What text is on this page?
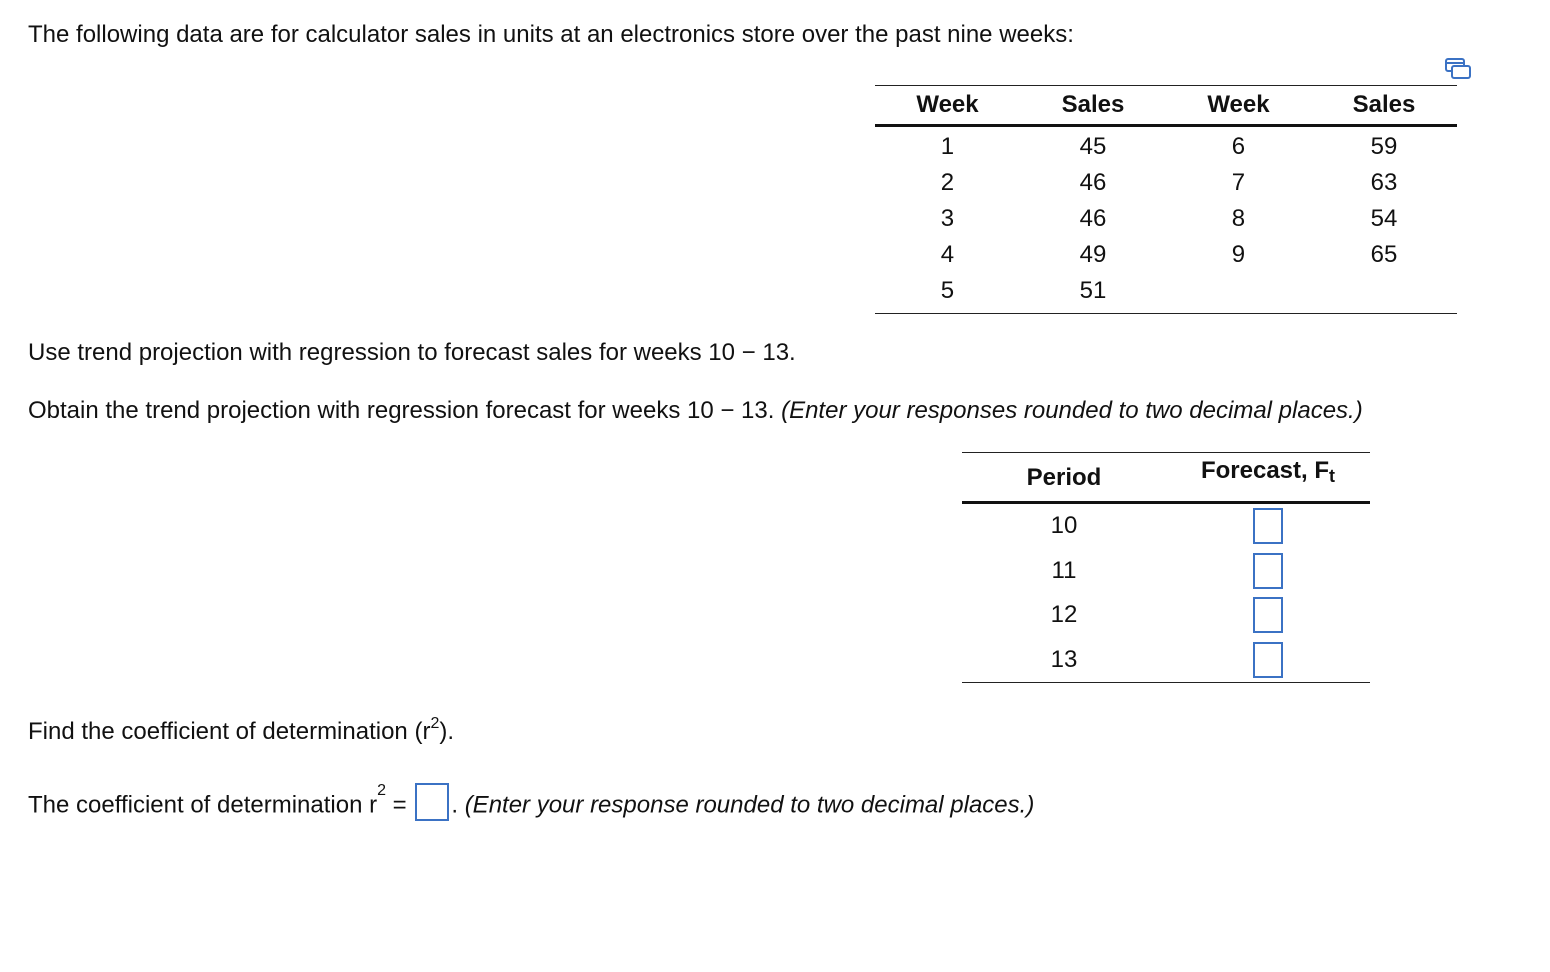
The following data are for calculator sales in units at an electronics store over the past nine weeks:
Week	Sales	Week	Sales
1	45	6	59
2	46	7	63
3	46	8	54
4	49	9	65
5	51		
Use trend projection with regression to forecast sales for weeks 10 − 13.
Obtain the trend projection with regression forecast for weeks 10 − 13. (Enter your responses rounded to two decimal places.)
Period	Forecast, $F_t$
10	
11	
12	
13	
Find the coefficient of determination $(r^2)$.
The coefficient of determination $r^2$ = . (Enter your response rounded to two decimal places.)
